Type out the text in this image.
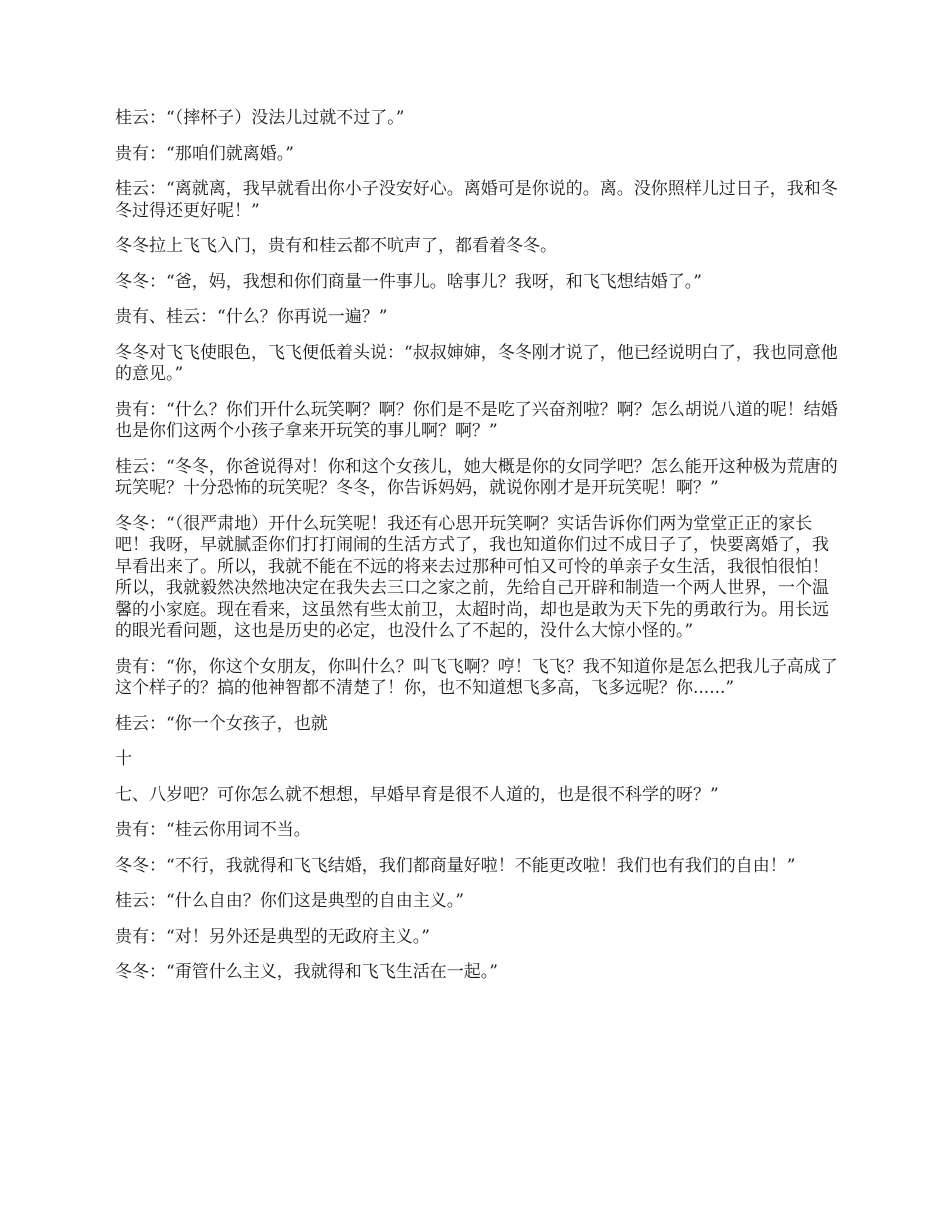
桂云：“（摔杯子）没法儿过就不过了。”

贵有：“那咱们就离婚。”

桂云：“离就离，我早就看出你小子没安好心。离婚可是你说的。离。没你照样儿过日子，我和冬冬过得还更好呢！”

冬冬拉上飞飞入门，贵有和桂云都不吭声了，都看着冬冬。

冬冬：“爸，妈，我想和你们商量一件事儿。啥事儿？我呀，和飞飞想结婚了。”

贵有、桂云：“什么？你再说一遍？”

冬冬对飞飞使眼色，飞飞便低着头说：“叔叔婶婶，冬冬刚才说了，他已经说明白了，我也同意他的意见。”

贵有：“什么？你们开什么玩笑啊？啊？你们是不是吃了兴奋剂啦？啊？怎么胡说八道的呢！结婚也是你们这两个小孩子拿来开玩笑的事儿啊？啊？”

桂云：“冬冬，你爸说得对！你和这个女孩儿，她大概是你的女同学吧？怎么能开这种极为荒唐的玩笑呢？十分恐怖的玩笑呢？冬冬，你告诉妈妈，就说你刚才是开玩笑呢！啊？”

冬冬：“（很严肃地）开什么玩笑呢！我还有心思开玩笑啊？实话告诉你们两为堂堂正正的家长吧！我呀，早就腻歪你们打打闹闹的生活方式了，我也知道你们过不成日子了，快要离婚了，我早看出来了。所以，我就不能在不远的将来去过那种可怕又可怜的单亲子女生活，我很怕很怕！所以，我就毅然决然地决定在我失去三口之家之前，先给自己开辟和制造一个两人世界，一个温馨的小家庭。现在看来，这虽然有些太前卫，太超时尚，却也是敢为天下先的勇敢行为。用长远的眼光看问题，这也是历史的必定，也没什么了不起的，没什么大惊小怪的。”

贵有：“你，你这个女朋友，你叫什么？叫飞飞啊？哼！飞飞？我不知道你是怎么把我儿子高成了这个样子的？搞的他神智都不清楚了！你，也不知道想飞多高，飞多远呢？你......”

桂云：“你一个女孩子，也就

十

七、八岁吧？可你怎么就不想想，早婚早育是很不人道的，也是很不科学的呀？”

贵有：“桂云你用词不当。

冬冬：“不行，我就得和飞飞结婚，我们都商量好啦！不能更改啦！我们也有我们的自由！”

桂云：“什么自由？你们这是典型的自由主义。”

贵有：“对！另外还是典型的无政府主义。”

冬冬：“甭管什么主义，我就得和飞飞生活在一起。”
